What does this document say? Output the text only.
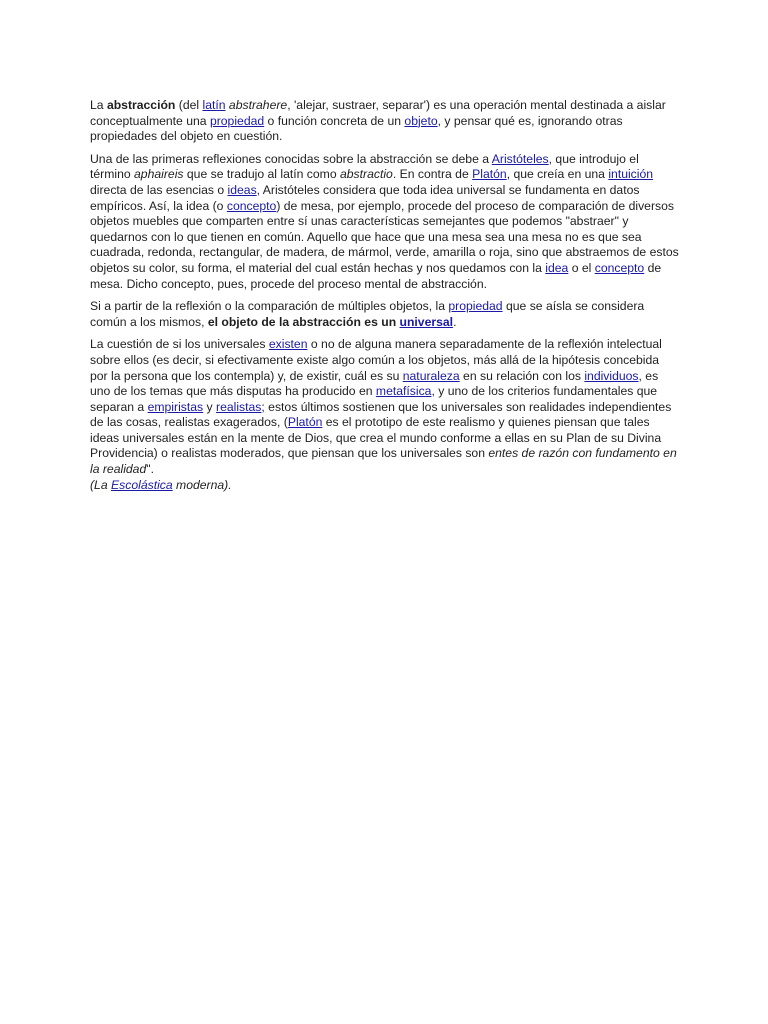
La abstracción (del latín abstrahere, 'alejar, sustraer, separar') es una operación mental destinada a aislar conceptualmente una propiedad o función concreta de un objeto, y pensar qué es, ignorando otras propiedades del objeto en cuestión.

Una de las primeras reflexiones conocidas sobre la abstracción se debe a Aristóteles, que introdujo el término aphaireis que se tradujo al latín como abstractio. En contra de Platón, que creía en una intuición directa de las esencias o ideas, Aristóteles considera que toda idea universal se fundamenta en datos empíricos. Así, la idea (o concepto) de mesa, por ejemplo, procede del proceso de comparación de diversos objetos muebles que comparten entre sí unas características semejantes que podemos "abstraer" y quedarnos con lo que tienen en común. Aquello que hace que una mesa sea una mesa no es que sea cuadrada, redonda, rectangular, de madera, de mármol, verde, amarilla o roja, sino que abstraemos de estos objetos su color, su forma, el material del cual están hechas y nos quedamos con la idea o el concepto de mesa. Dicho concepto, pues, procede del proceso mental de abstracción.

Si a partir de la reflexión o la comparación de múltiples objetos, la propiedad que se aísla se considera común a los mismos, el objeto de la abstracción es un universal.

La cuestión de si los universales existen o no de alguna manera separadamente de la reflexión intelectual sobre ellos (es decir, si efectivamente existe algo común a los objetos, más allá de la hipótesis concebida por la persona que los contempla) y, de existir, cuál es su naturaleza en su relación con los individuos, es uno de los temas que más disputas ha producido en metafísica, y uno de los criterios fundamentales que separan a empiristas y realistas; estos últimos sostienen que los universales son realidades independientes de las cosas, realistas exagerados, (Platón es el prototipo de este realismo y quienes piensan que tales ideas universales están en la mente de Dios, que crea el mundo conforme a ellas en su Plan de su Divina Providencia) o realistas moderados, que piensan que los universales son entes de razón con fundamento en la realidad".
(La Escolástica moderna).
